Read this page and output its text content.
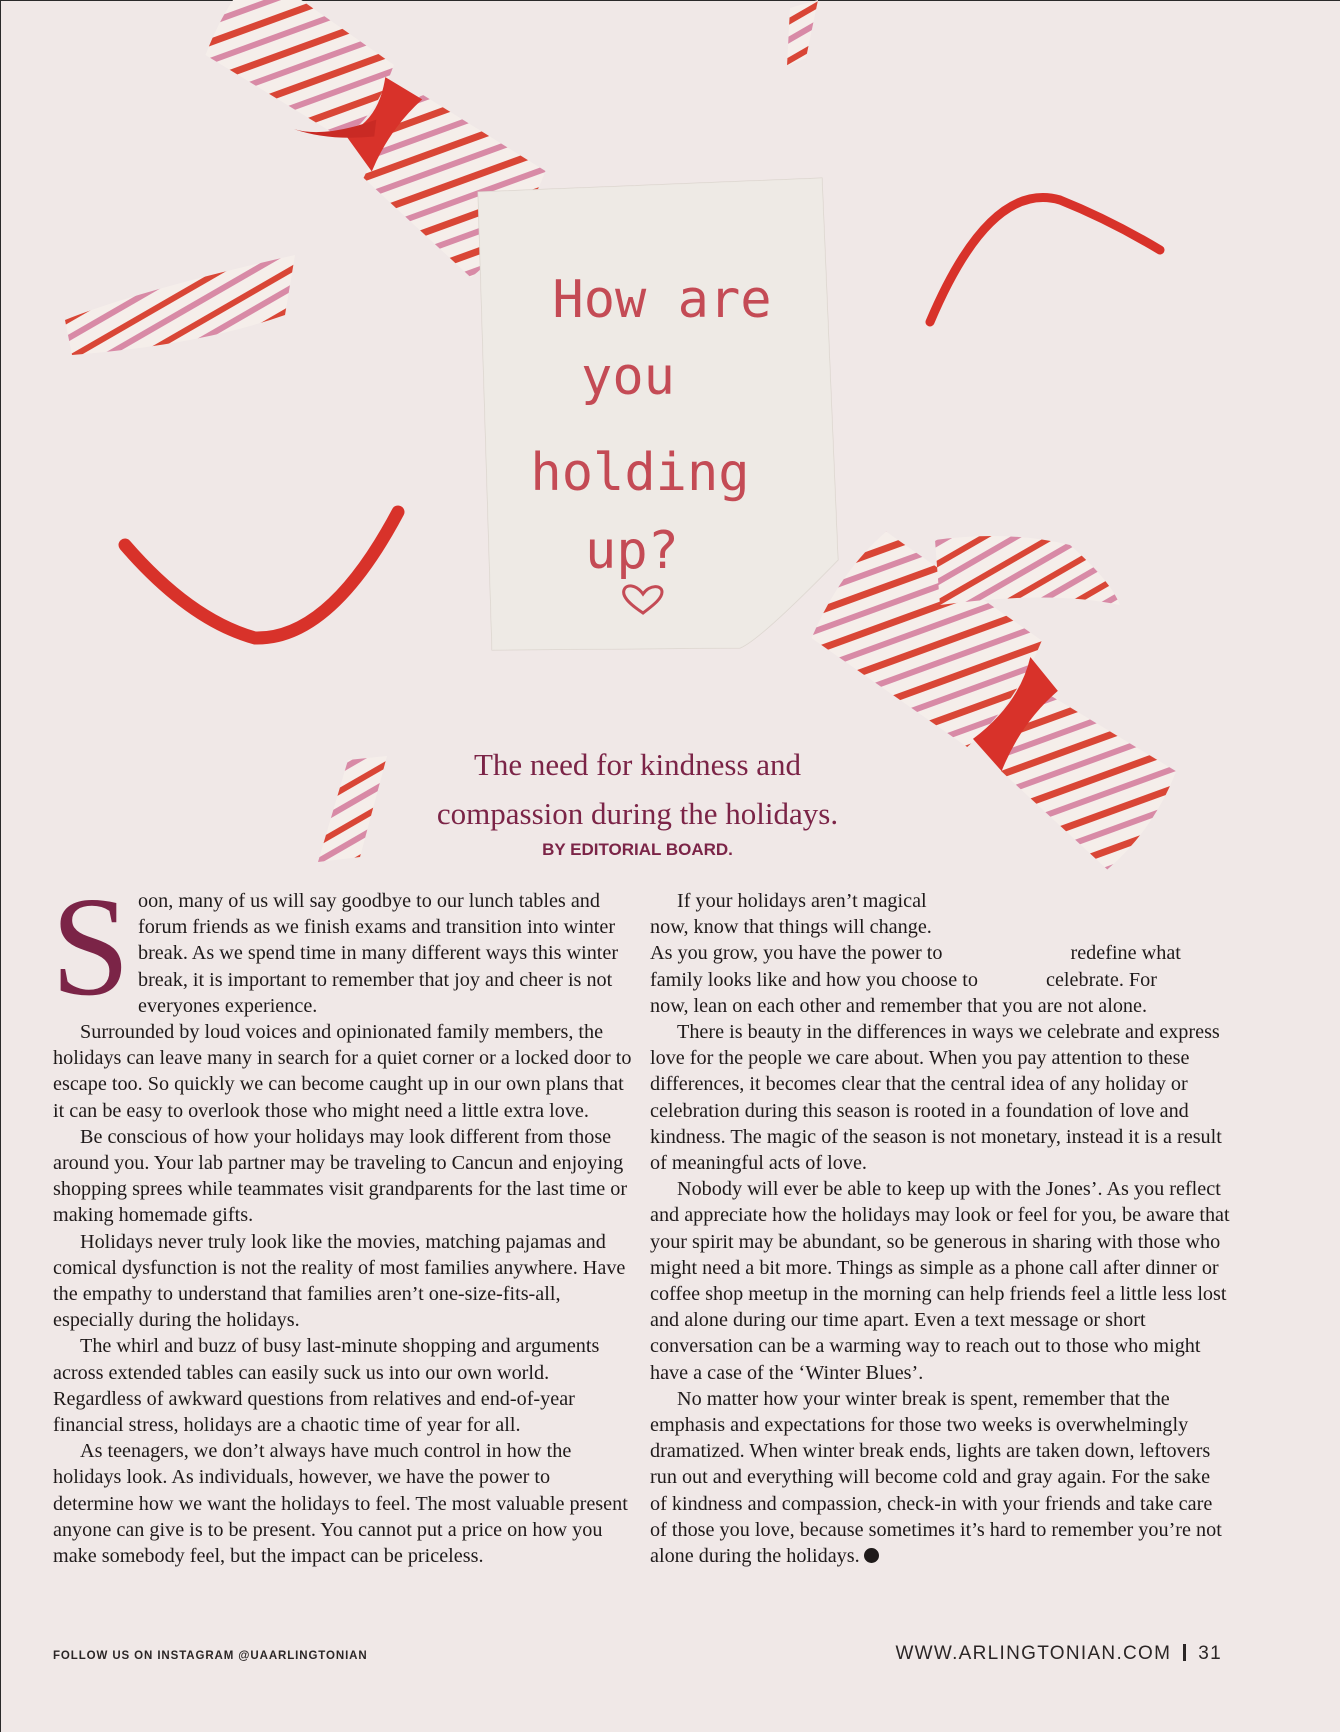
How are
you
holding
up?
The need for kindness and
compassion during the holidays.
BY EDITORIAL BOARD.

S oon, many of us will say goodbye to our lunch tables and forum friends as we finish exams and transition into winter break. As we spend time in many different ways this winter break, it is important to remember that joy and cheer is not everyones experience.

Surrounded by loud voices and opinionated family members, the holidays can leave many in search for a quiet corner or a locked door to escape too. So quickly we can become caught up in our own plans that it can be easy to overlook those who might need a little extra love.

Be conscious of how your holidays may look different from those around you. Your lab partner may be traveling to Cancun and enjoying shopping sprees while teammates visit grandparents for the last time or making homemade gifts.

Holidays never truly look like the movies, matching pajamas and comical dysfunction is not the reality of most families anywhere. Have the empathy to understand that families aren’t one-size-fits-all, especially during the holidays.

The whirl and buzz of busy last-minute shopping and arguments across extended tables can easily suck us into our own world. Regardless of awkward questions from relatives and end-of-year financial stress, holidays are a chaotic time of year for all.

As teenagers, we don’t always have much control in how the holidays look. As individuals, however, we have the power to determine how we want the holidays to feel. The most valuable present anyone can give is to be present. You cannot put a price on how you make somebody feel, but the impact can be priceless.

If your holidays aren’t magical
now, know that things will change.
As you grow, you have the power to	redefine what
family looks like and how you choose to	celebrate. For
now, lean on each other and remember that you are not alone.

There is beauty in the differences in ways we celebrate and express love for the people we care about. When you pay attention to these differences, it becomes clear that the central idea of any holiday or celebration during this season is rooted in a foundation of love and kindness. The magic of the season is not monetary, instead it is a result of meaningful acts of love.

Nobody will ever be able to keep up with the Jones’. As you reflect and appreciate how the holidays may look or feel for you, be aware that your spirit may be abundant, so be generous in sharing with those who might need a bit more. Things as simple as a phone call after dinner or coffee shop meetup in the morning can help friends feel a little less lost and alone during our time apart. Even a text message or short conversation can be a warming way to reach out to those who might have a case of the ‘Winter Blues’.

No matter how your winter break is spent, remember that the emphasis and expectations for those two weeks is overwhelmingly dramatized. When winter break ends, lights are taken down, leftovers run out and everything will become cold and gray again. For the sake of kindness and compassion, check-in with your friends and take care of those you love, because sometimes it’s hard to remember you’re not alone during the holidays.

FOLLOW US ON INSTAGRAM @UAARLINGTONIAN	WWW.ARLINGTONIAN.COM 31
